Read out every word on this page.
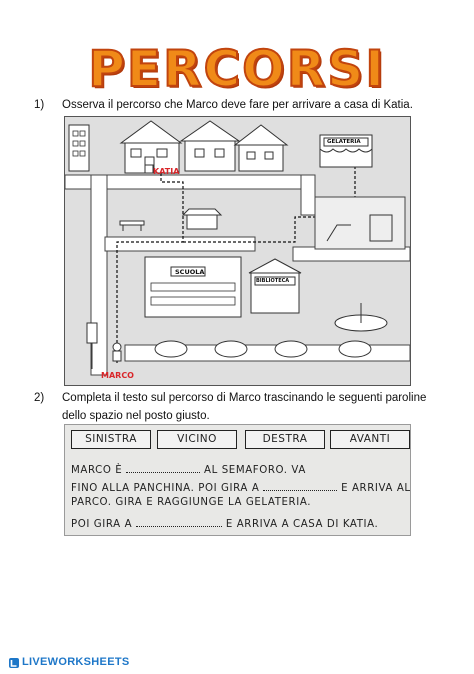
PERCORSI
1) Osserva il percorso che Marco deve fare per arrivare a casa di Katia.
KATIA
MARCO
GELATERIA
SCUOLA
BIBLIOTECA
2) Completa il testo sul percorso di Marco trascinando le seguenti paroline dello spazio nel posto giusto.
SINISTRA	VICINO	DESTRA	AVANTI
MARCO È	AL SEMAFORO. VA
FINO ALLA PANCHINA. POI GIRA A	E ARRIVA AL
PARCO. GIRA E RAGGIUNGE LA GELATERIA.
POI GIRA A	E ARRIVA A CASA DI KATIA.
LIVEWORKSHEETS
